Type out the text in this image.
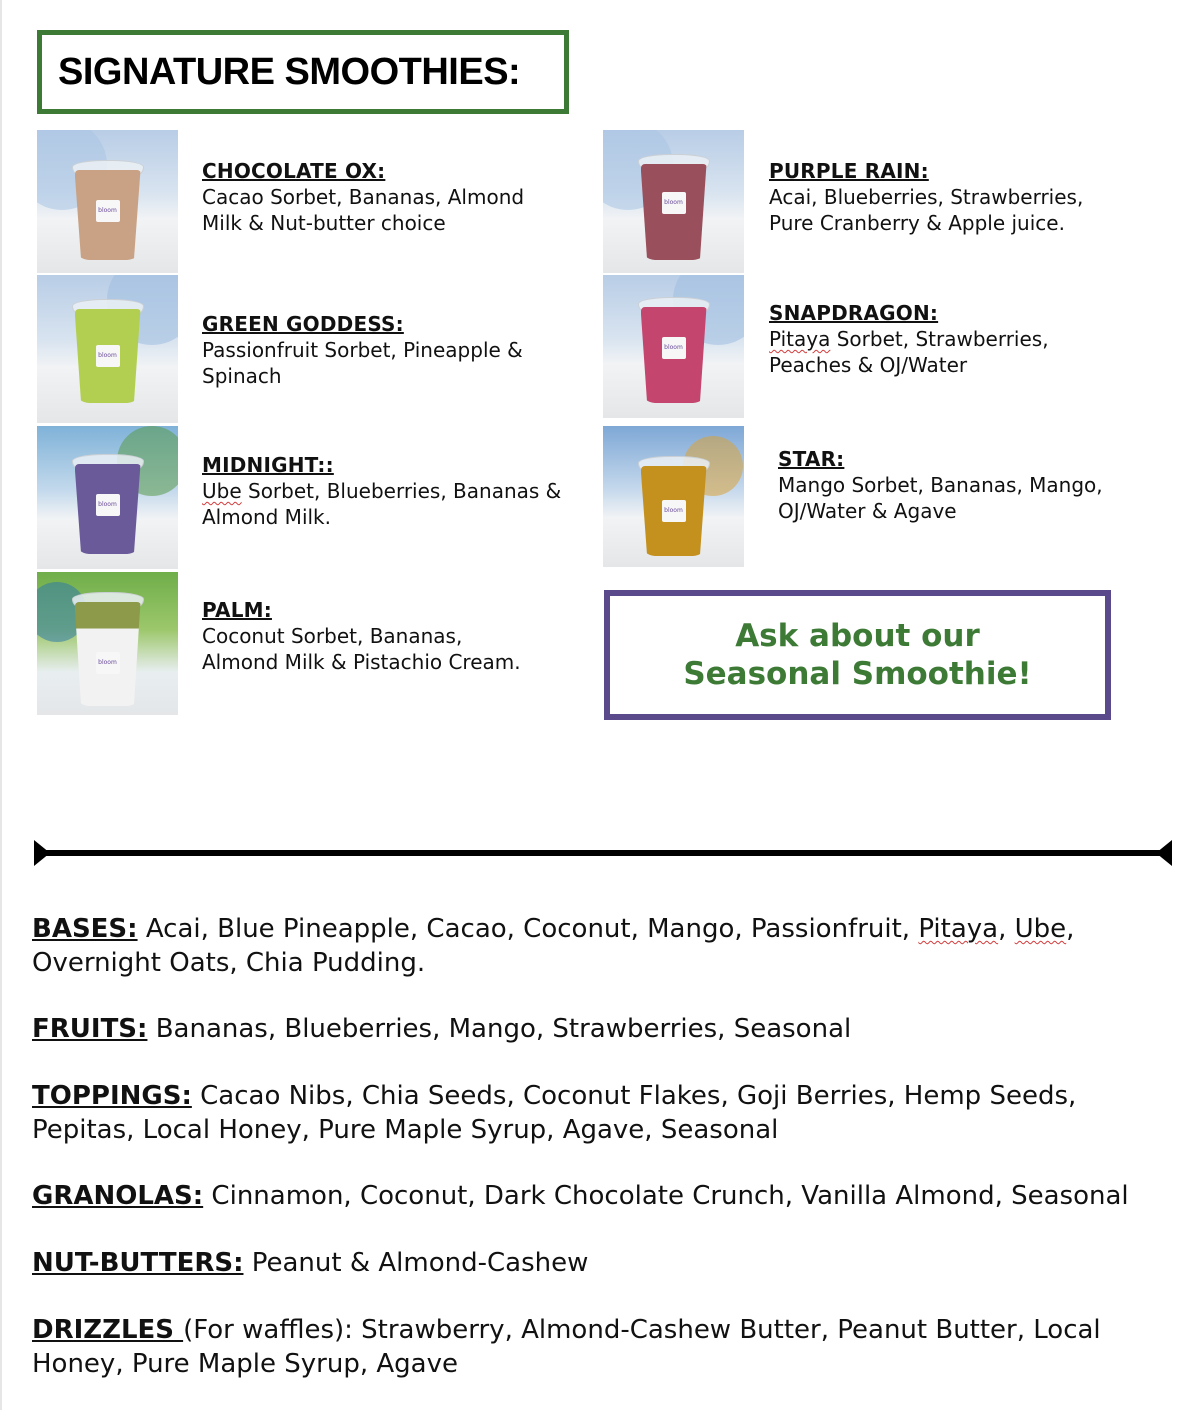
SIGNATURE SMOOTHIES:
bloom
bloom
bloom
bloom
bloom
bloom
bloom
CHOCOLATE OX:
Cacao Sorbet, Bananas, Almond
Milk & Nut-butter choice
GREEN GODDESS:
Passionfruit Sorbet, Pineapple &
Spinach
MIDNIGHT::
Ube Sorbet, Blueberries, Bananas &
Almond Milk.
PALM:
Coconut Sorbet, Bananas,
Almond Milk & Pistachio Cream.
PURPLE RAIN:
Acai, Blueberries, Strawberries,
Pure Cranberry & Apple juice.
SNAPDRAGON:
Pitaya Sorbet, Strawberries,
Peaches & OJ/Water
STAR:
Mango Sorbet, Bananas, Mango,
OJ/Water & Agave
Ask about our
Seasonal Smoothie!
BASES: Acai, Blue Pineapple, Cacao, Coconut, Mango, Passionfruit, Pitaya, Ube,
Overnight Oats, Chia Pudding.
FRUITS: Bananas, Blueberries, Mango, Strawberries, Seasonal
TOPPINGS: Cacao Nibs, Chia Seeds, Coconut Flakes, Goji Berries, Hemp Seeds,
Pepitas, Local Honey, Pure Maple Syrup, Agave, Seasonal
GRANOLAS: Cinnamon, Coconut, Dark Chocolate Crunch, Vanilla Almond, Seasonal
NUT-BUTTERS: Peanut & Almond-Cashew
DRIZZLES (For waffles): Strawberry, Almond-Cashew Butter, Peanut Butter, Local
Honey, Pure Maple Syrup, Agave
